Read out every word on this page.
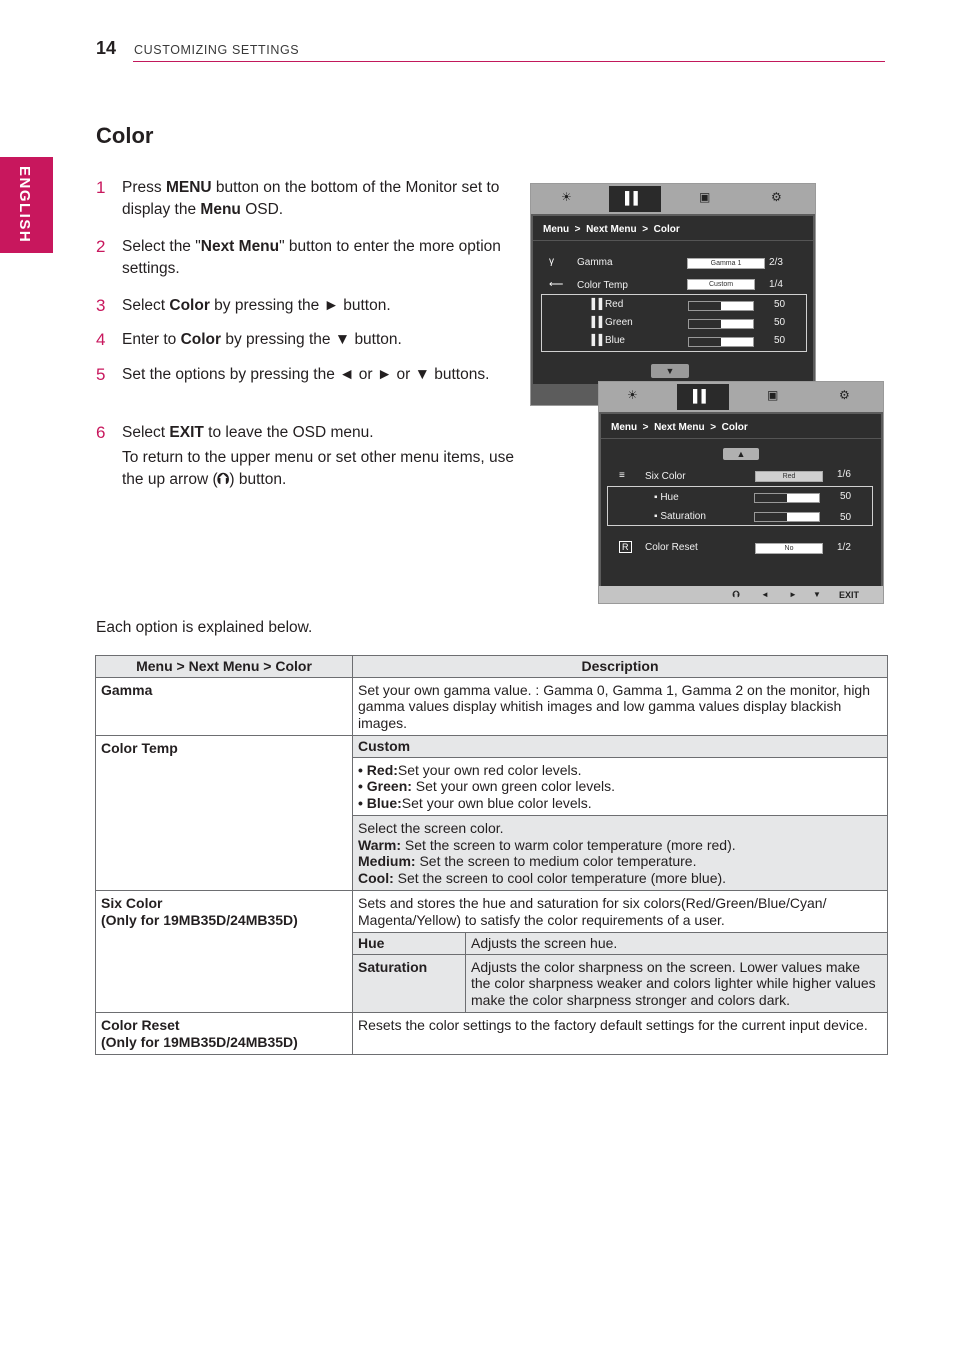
14 CUSTOMIZING SETTINGS
ENGLISH
Color
1 Press MENU button on the bottom of the Monitor set to display the Menu OSD.
2 Select the "Next Menu" button to enter the more option settings.
3 Select Color by pressing the ► button.
4 Enter to Color by pressing the ▼ button.
5 Set the options by pressing the ◄ or ► or ▼ buttons.
6 Select EXIT to leave the OSD menu.
To return to the upper menu or set other menu items, use the up arrow (⮉) button.
☀	▌▌	▣	⚙
Menu > Next Menu > Color
γ Gamma	Gamma 1	2/3
⟵ Color Temp	Custom	1/4
▐▐ Red	50
▐▐ Green	50
▐▐ Blue	50
▼
☀	▌▌	▣	⚙
Menu > Next Menu > Color
▲
≡ Six Color	Red	1/6
▪ Hue	50
▪ Saturation	50
R	Color Reset	No	1/2
⮉	◄	► ▼ EXIT
Each option is explained below.
Menu > Next Menu > Color	Description	
Gamma	Set your own gamma value. : Gamma 0, Gamma 1, Gamma 2 on the monitor, high gamma values display whitish images and low gamma values display blackish images.	
Color Temp	Custom	

	• Red:Set your own red color levels.
• Green: Set your own green color levels.
• Blue:Set your own blue color levels.	

	Select the screen color.
Warm: Set the screen to warm color temperature (more red).
Medium: Set the screen to medium color temperature.
Cool: Set the screen to cool color temperature (more blue).	

Six Color
(Only for 19MB35D/24MB35D)	Sets and stores the hue and saturation for six colors(Red/Green/Blue/Cyan/ Magenta/Yellow) to satisfy the color requirements of a user.	
	Hue	Adjusts the screen hue.
	Saturation	Adjusts the color sharpness on the screen. Lower values make the color sharpness weaker and colors lighter while higher values make the color sharpness stronger and colors dark.

Color Reset
(Only for 19MB35D/24MB35D)	Resets the color settings to the factory default settings for the current input device.	
